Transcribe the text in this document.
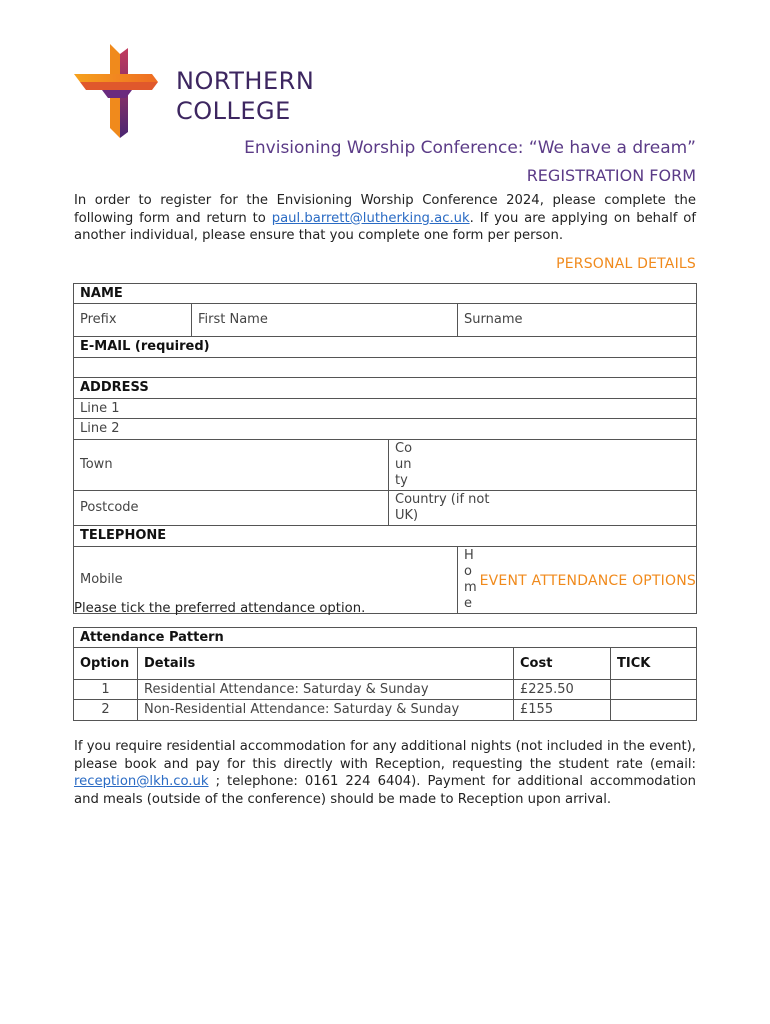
NORTHERN
COLLEGE
Envisioning Worship Conference: “We have a dream”
REGISTRATION FORM
In order to register for the Envisioning Worship Conference 2024, please complete the following form and return to paul.barrett@lutherking.ac.uk. If you are applying on behalf of another individual, please ensure that you complete one form per person.
PERSONAL DETAILS
NAME			
Prefix	First Name		Surname
E-MAIL (required)			

ADDRESS			
Line 1			
Line 2			
Town		County	
Postcode		Country (if not UK)	
TELEPHONE			
Mobile			Home
EVENT ATTENDANCE OPTIONS
Please tick the preferred attendance option.
Attendance Pattern			
Option	Details	Cost	TICK
1	Residential Attendance: Saturday & Sunday	£225.50	
2	Non-Residential Attendance: Saturday & Sunday	£155	
If you require residential accommodation for any additional nights (not included in the event), please book and pay for this directly with Reception, requesting the student rate (email: reception@lkh.co.uk ; telephone: 0161 224 6404). Payment for additional accommodation and meals (outside of the conference) should be made to Reception upon arrival.
